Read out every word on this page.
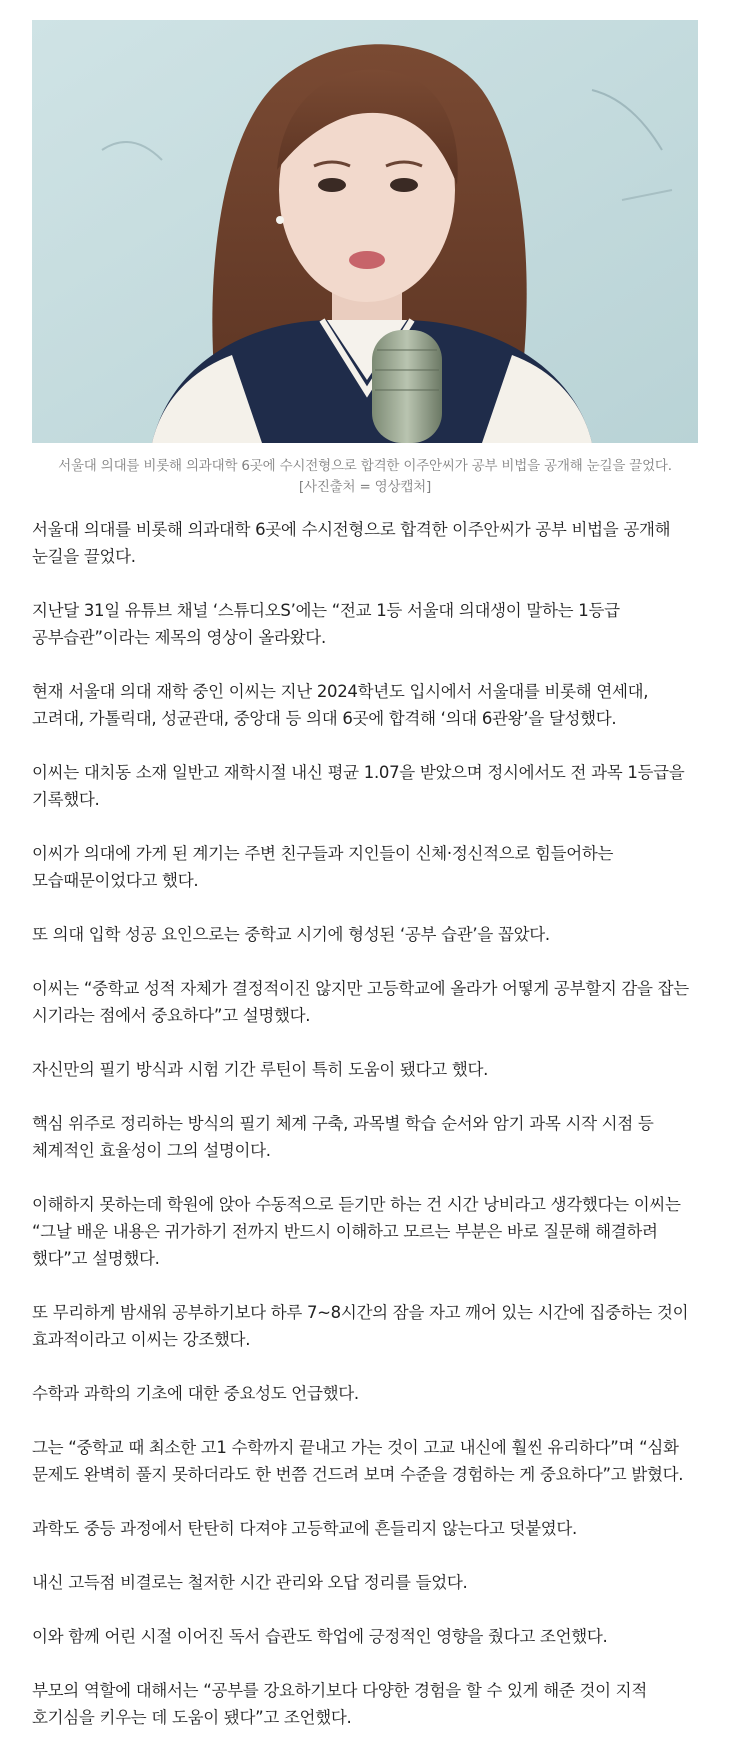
서울대 의대를 비롯해 의과대학 6곳에 수시전형으로 합격한 이주안씨가 공부 비법을 공개해 눈길을 끌었다.
[사진출처 = 영상캡처]

서울대 의대를 비롯해 의과대학 6곳에 수시전형으로 합격한 이주안씨가 공부 비법을 공개해 눈길을 끌었다.

지난달 31일 유튜브 채널 ‘스튜디오S’에는 “전교 1등 서울대 의대생이 말하는 1등급 공부습관”이라는 제목의 영상이 올라왔다.

현재 서울대 의대 재학 중인 이씨는 지난 2024학년도 입시에서 서울대를 비롯해 연세대, 고려대, 가톨릭대, 성균관대, 중앙대 등 의대 6곳에 합격해 ‘의대 6관왕’을 달성했다.

이씨는 대치동 소재 일반고 재학시절 내신 평균 1.07을 받았으며 정시에서도 전 과목 1등급을 기록했다.

이씨가 의대에 가게 된 계기는 주변 친구들과 지인들이 신체·정신적으로 힘들어하는 모습때문이었다고 했다.

또 의대 입학 성공 요인으로는 중학교 시기에 형성된 ‘공부 습관’을 꼽았다.

이씨는 “중학교 성적 자체가 결정적이진 않지만 고등학교에 올라가 어떻게 공부할지 감을 잡는 시기라는 점에서 중요하다”고 설명했다.

자신만의 필기 방식과 시험 기간 루틴이 특히 도움이 됐다고 했다.

핵심 위주로 정리하는 방식의 필기 체계 구축, 과목별 학습 순서와 암기 과목 시작 시점 등 체계적인 효율성이 그의 설명이다.

이해하지 못하는데 학원에 앉아 수동적으로 듣기만 하는 건 시간 낭비라고 생각했다는 이씨는 “그날 배운 내용은 귀가하기 전까지 반드시 이해하고 모르는 부분은 바로 질문해 해결하려 했다”고 설명했다.

또 무리하게 밤새워 공부하기보다 하루 7~8시간의 잠을 자고 깨어 있는 시간에 집중하는 것이 효과적이라고 이씨는 강조했다.

수학과 과학의 기초에 대한 중요성도 언급했다.

그는 “중학교 때 최소한 고1 수학까지 끝내고 가는 것이 고교 내신에 훨씬 유리하다”며 “심화 문제도 완벽히 풀지 못하더라도 한 번쯤 건드려 보며 수준을 경험하는 게 중요하다”고 밝혔다.

과학도 중등 과정에서 탄탄히 다져야 고등학교에 흔들리지 않는다고 덧붙였다.

내신 고득점 비결로는 철저한 시간 관리와 오답 정리를 들었다.

이와 함께 어린 시절 이어진 독서 습관도 학업에 긍정적인 영향을 줬다고 조언했다.

부모의 역할에 대해서는 “공부를 강요하기보다 다양한 경험을 할 수 있게 해준 것이 지적 호기심을 키우는 데 도움이 됐다”고 조언했다.
